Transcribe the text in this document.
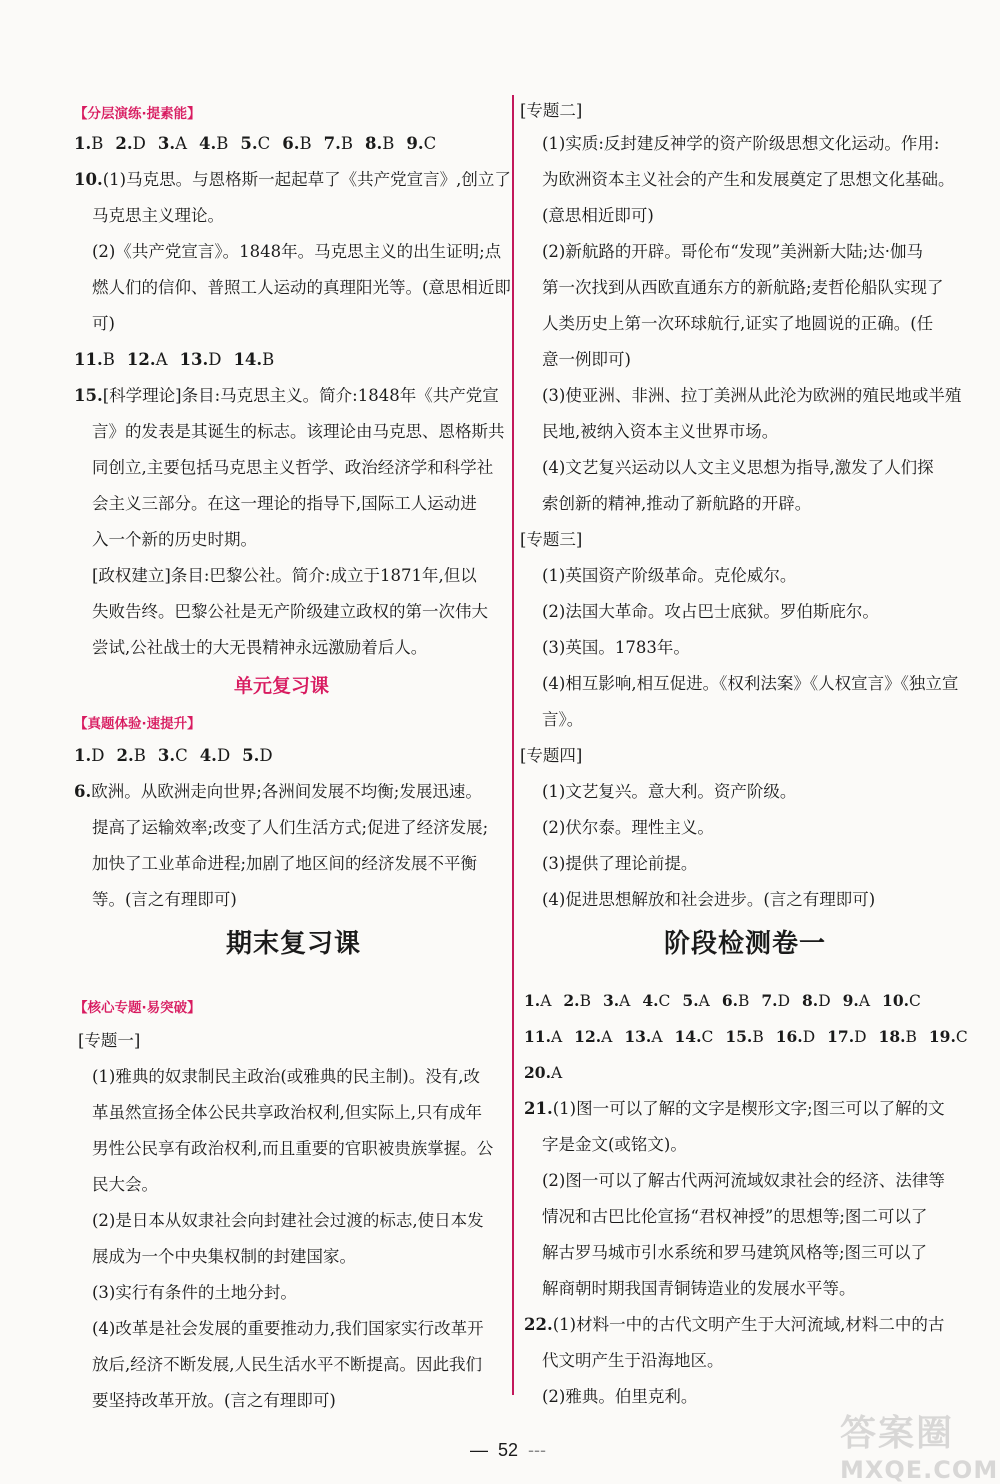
【分层演练·提素能】
1.B 2.D 3.A 4.B 5.C 6.B 7.B 8.B 9.C
10.(1)马克思。与恩格斯一起起草了《共产党宣言》,创立了
马克思主义理论。
(2)《共产党宣言》。1848年。马克思主义的出生证明;点
燃人们的信仰、普照工人运动的真理阳光等。(意思相近即
可)
11.B 12.A 13.D 14.B
15.[科学理论]条目:马克思主义。简介:1848年《共产党宣
言》的发表是其诞生的标志。该理论由马克思、恩格斯共
同创立,主要包括马克思主义哲学、政治经济学和科学社
会主义三部分。在这一理论的指导下,国际工人运动进
入一个新的历史时期。
[政权建立]条目:巴黎公社。简介:成立于1871年,但以
失败告终。巴黎公社是无产阶级建立政权的第一次伟大
尝试,公社战士的大无畏精神永远激励着后人。
单元复习课
【真题体验·速提升】
1.D 2.B 3.C 4.D 5.D
6.欧洲。从欧洲走向世界;各洲间发展不均衡;发展迅速。
提高了运输效率;改变了人们生活方式;促进了经济发展;
加快了工业革命进程;加剧了地区间的经济发展不平衡
等。(言之有理即可)
期末复习课
【核心专题·易突破】
[专题一]
(1)雅典的奴隶制民主政治(或雅典的民主制)。没有,改
革虽然宣扬全体公民共享政治权利,但实际上,只有成年
男性公民享有政治权利,而且重要的官职被贵族掌握。公
民大会。
(2)是日本从奴隶社会向封建社会过渡的标志,使日本发
展成为一个中央集权制的封建国家。
(3)实行有条件的土地分封。
(4)改革是社会发展的重要推动力,我们国家实行改革开
放后,经济不断发展,人民生活水平不断提高。因此我们
要坚持改革开放。(言之有理即可)
[专题二]
(1)实质:反封建反神学的资产阶级思想文化运动。作用:
为欧洲资本主义社会的产生和发展奠定了思想文化基础。
(意思相近即可)
(2)新航路的开辟。哥伦布“发现”美洲新大陆;达·伽马
第一次找到从西欧直通东方的新航路;麦哲伦船队实现了
人类历史上第一次环球航行,证实了地圆说的正确。(任
意一例即可)
(3)使亚洲、非洲、拉丁美洲从此沦为欧洲的殖民地或半殖
民地,被纳入资本主义世界市场。
(4)文艺复兴运动以人文主义思想为指导,激发了人们探
索创新的精神,推动了新航路的开辟。
[专题三]
(1)英国资产阶级革命。克伦威尔。
(2)法国大革命。攻占巴士底狱。罗伯斯庇尔。
(3)英国。1783年。
(4)相互影响,相互促进。《权利法案》《人权宣言》《独立宣
言》。
[专题四]
(1)文艺复兴。意大利。资产阶级。
(2)伏尔泰。理性主义。
(3)提供了理论前提。
(4)促进思想解放和社会进步。(言之有理即可)
阶段检测卷一
1.A 2.B 3.A 4.C 5.A 6.B 7.D 8.D 9.A 10.C
11.A 12.A 13.A 14.C 15.B 16.D 17.D 18.B 19.C
20.A
21.(1)图一可以了解的文字是楔形文字;图三可以了解的文
字是金文(或铭文)。
(2)图一可以了解古代两河流域奴隶社会的经济、法律等
情况和古巴比伦宣扬“君权神授”的思想等;图二可以了
解古罗马城市引水系统和罗马建筑风格等;图三可以了
解商朝时期我国青铜铸造业的发展水平等。
22.(1)材料一中的古代文明产生于大河流域,材料二中的古
代文明产生于沿海地区。
(2)雅典。伯里克利。
— 52 ---	答案圈
MXQE.COM
